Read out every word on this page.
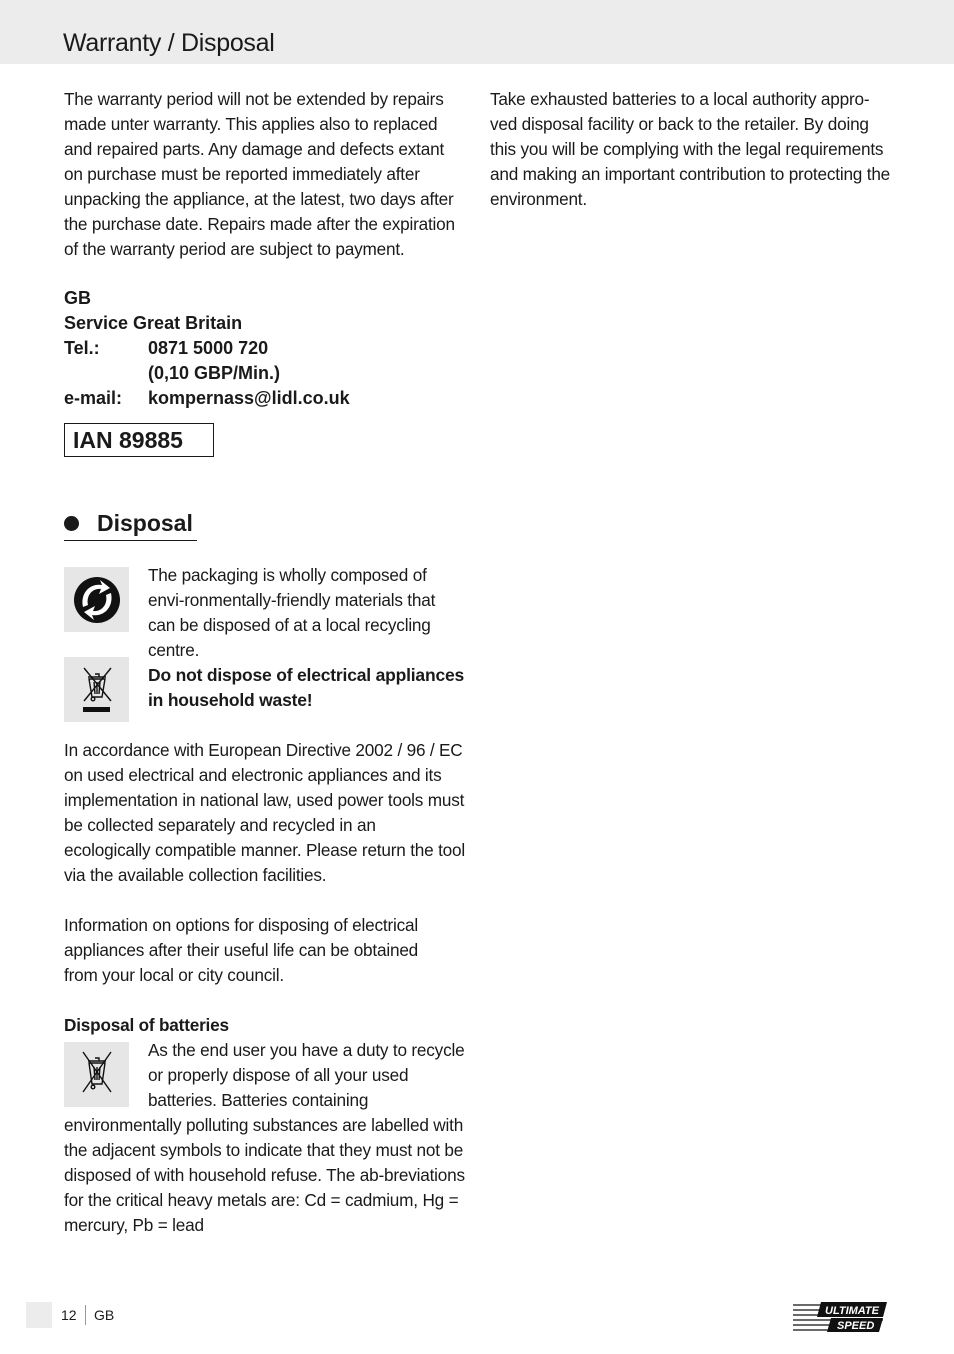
Warranty / Disposal

The warranty period will not be extended by repairs made unter warranty. This applies also to replaced and repaired parts. Any damage and defects extant on purchase must be reported immediately after unpacking the appliance, at the latest, two days after the purchase date. Repairs made after the expiration of the warranty period are subject to payment.

GB
Service Great Britain
Tel.:	0871 5000 720
(0,10 GBP/Min.)
e-mail:	kompernass@lidl.co.uk
IAN 89885
Disposal

The packaging is wholly composed of envi-ronmentally-friendly materials that can be disposed of at a local recycling centre.

Do not dispose of electrical appliances in household waste!

In accordance with European Directive 2002 / 96 / EC on used electrical and electronic appliances and its implementation in national law, used power tools must be collected separately and recycled in an ecologically compatible manner. Please return the tool via the available collection facilities.

Information on options for disposing of electrical appliances after their useful life can be obtained from your local or city council.

Disposal of batteries

As the end user you have a duty to recycle or properly dispose of all your used batteries. Batteries containing

Take exhausted batteries to a local authority appro-ved disposal facility or back to the retailer. By doing this you will be complying with the legal requirements and making an important contribution to protecting the environment.

12 GB	ULTIMATE
SPEED

environmentally polluting substances are labelled with the adjacent symbols to indicate that they must not be disposed of with household refuse. The ab-breviations for the critical heavy metals are: Cd = cadmium, Hg = mercury, Pb = lead
